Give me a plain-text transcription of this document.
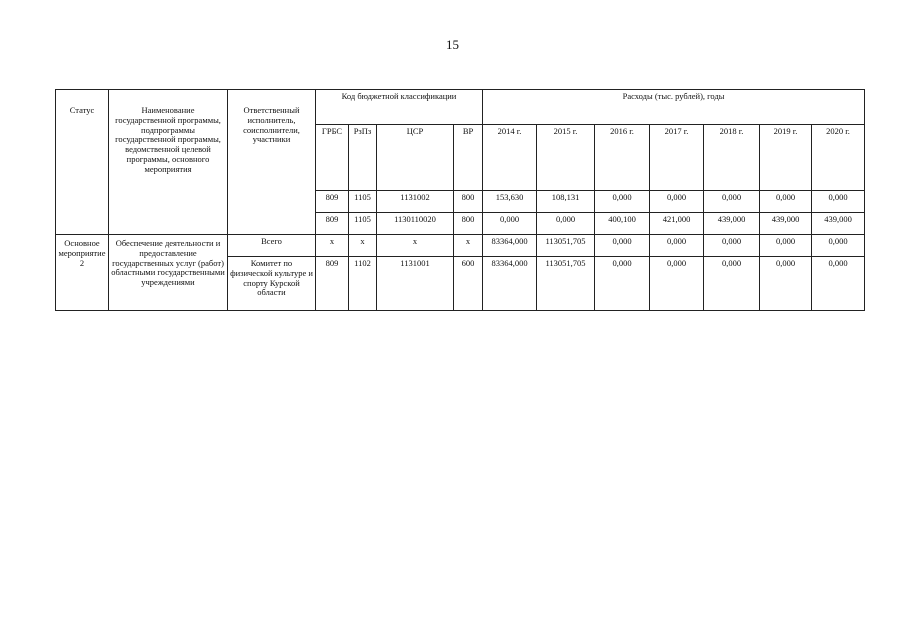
15
Статус	Наименование государственной программы, подпрограммы государственной программы, ведомственной целевой программы, основного мероприятия	Ответственный исполнитель, соисполнители, участники	Код бюджетной классификации				Расходы (тыс. рублей), годы						
			ГРБС	РзПз	ЦСР	ВР	2014 г.	2015 г.	2016 г.	2017 г.	2018 г.	2019 г.	2020 г.
			809	1105	1131002	800	153,630	108,131	0,000	0,000	0,000	0,000	0,000
			809	1105	1130110020	800	0,000	0,000	400,100	421,000	439,000	439,000	439,000
Основное мероприятие 2	Обеспечение деятельности и предоставление государственных услуг (работ) областными государственными учреждениями	Всего	x	x	x	x	83364,000	113051,705	0,000	0,000	0,000	0,000	0,000
		Комитет по физической культуре и спорту Курской области	809	1102	1131001	600	83364,000	113051,705	0,000	0,000	0,000	0,000	0,000
